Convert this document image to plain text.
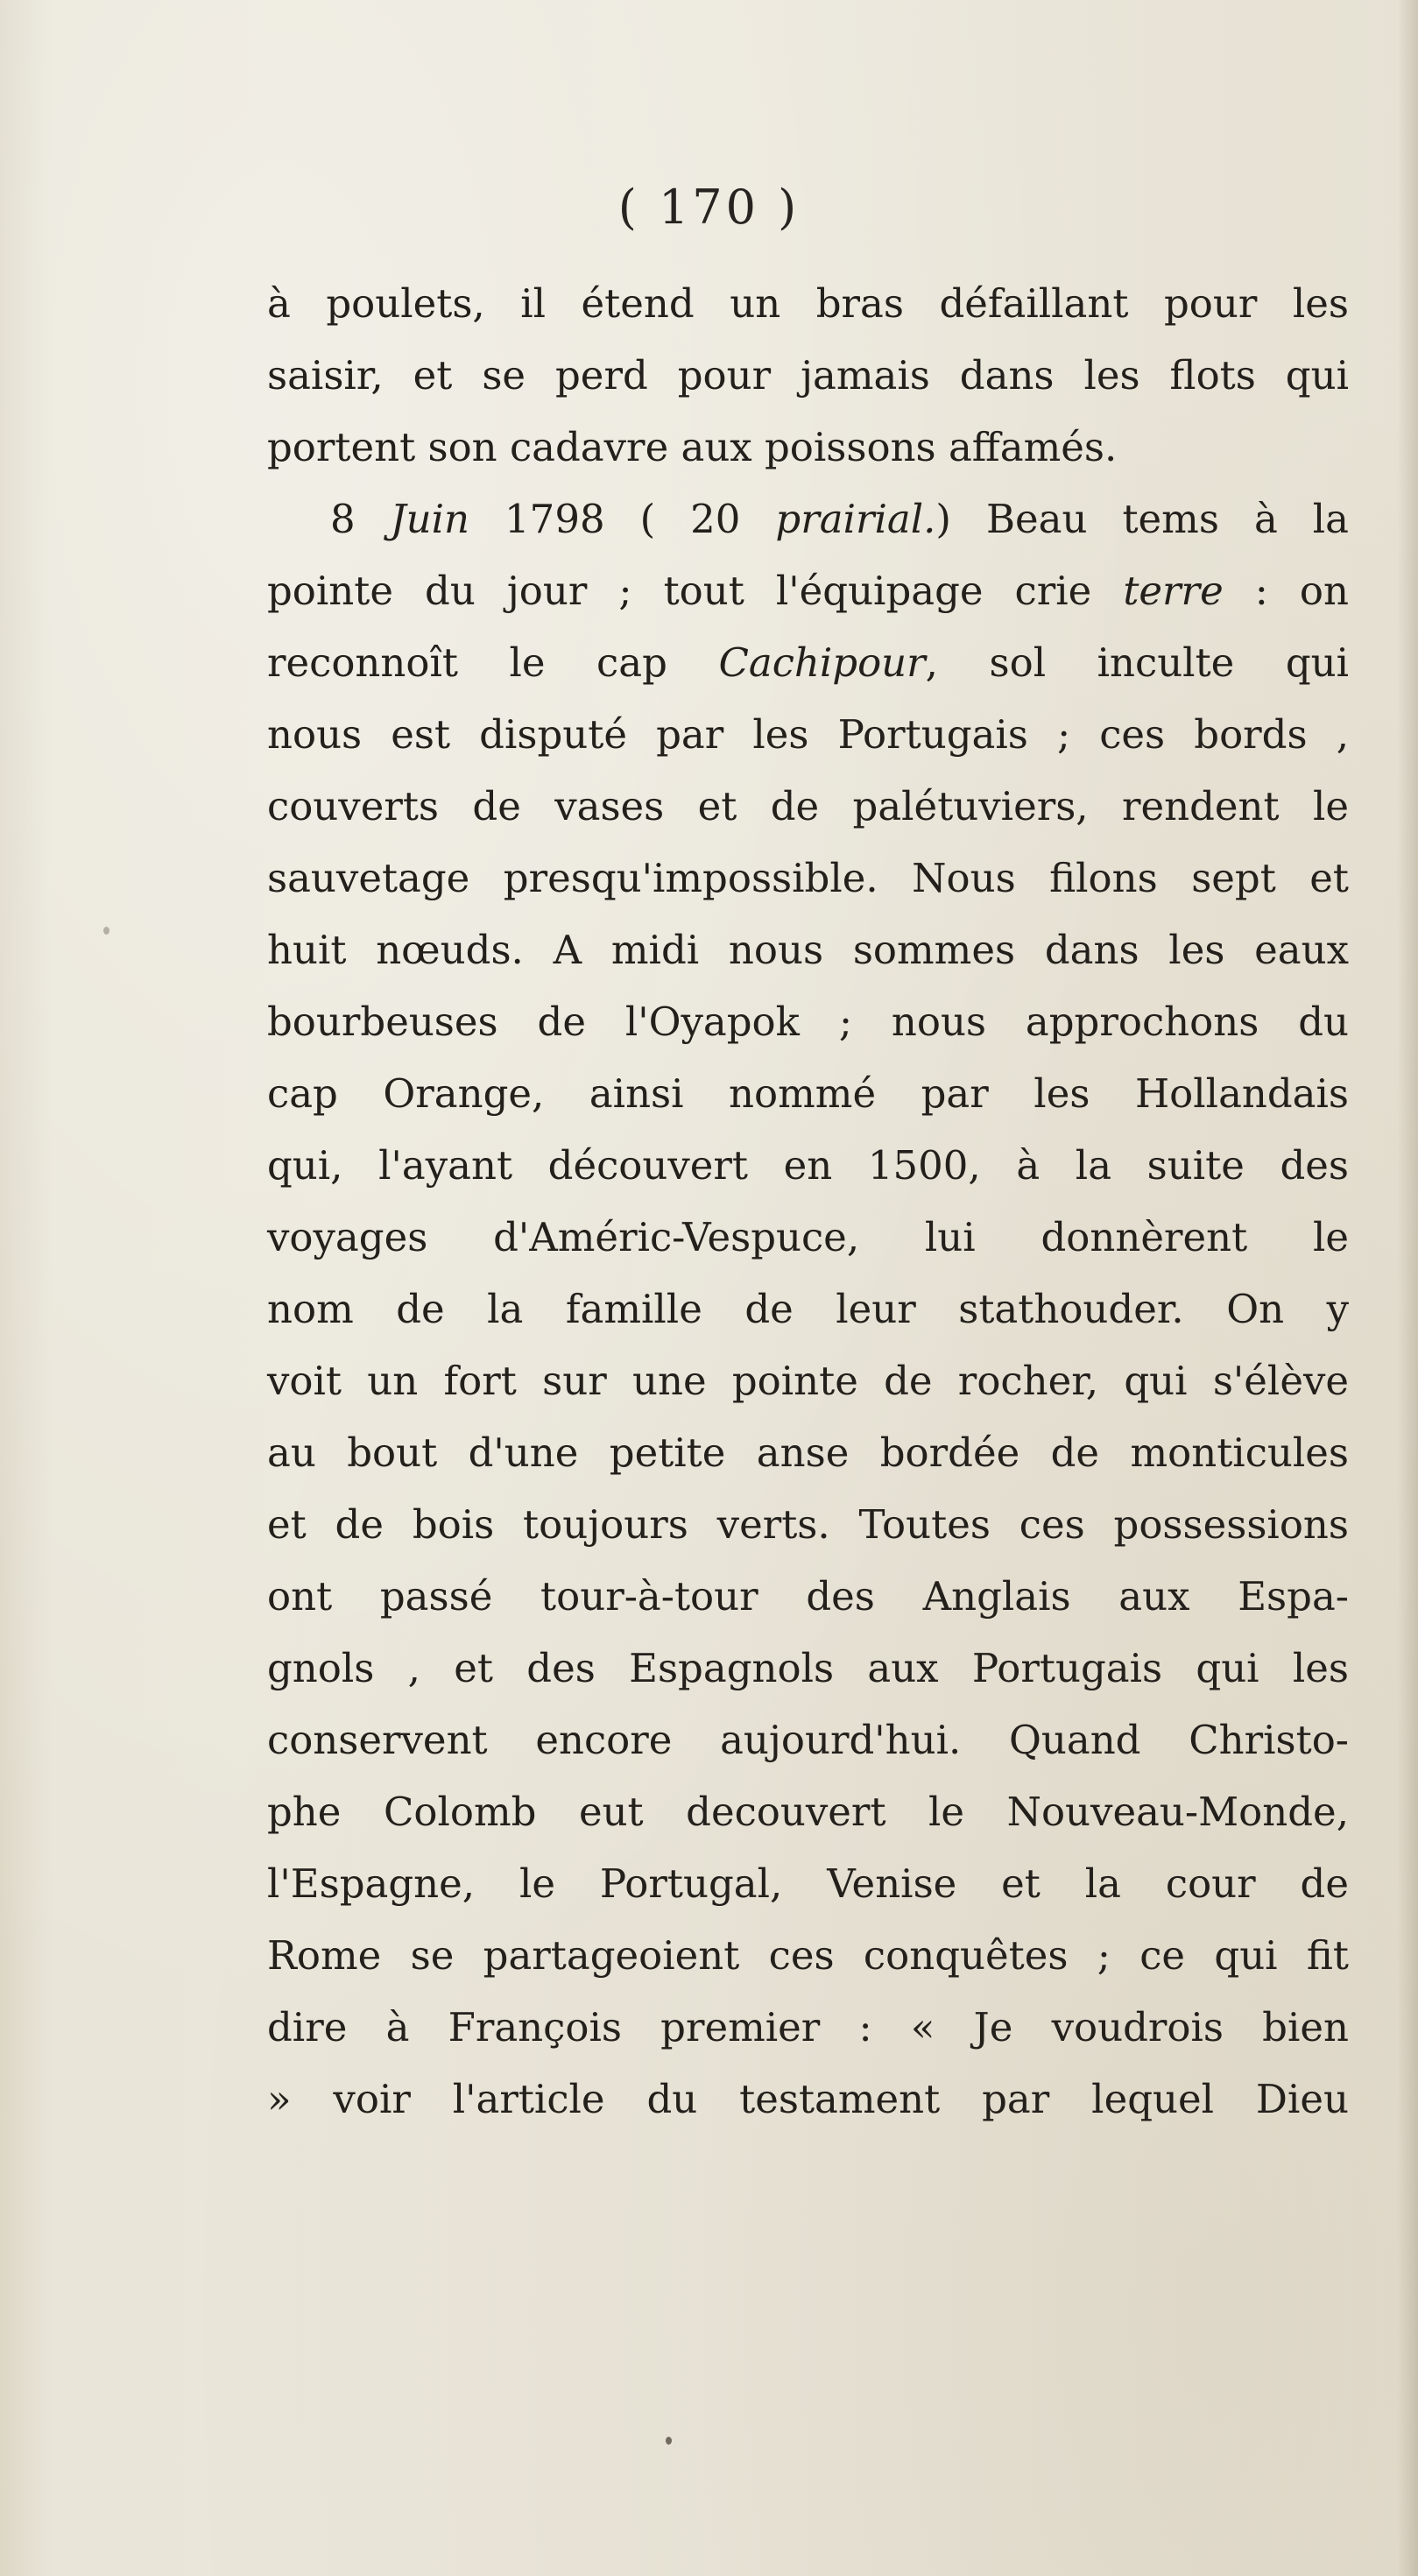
( 170 )
à poulets, il étend un bras défaillant pour les
saisir, et se perd pour jamais dans les flots qui
portent son cadavre aux poissons affamés.
8 Juin 1798 ( 20 prairial.) Beau tems à la
pointe du jour ; tout l'équipage crie terre : on
reconnoît le cap Cachipour, sol inculte qui
nous est disputé par les Portugais ; ces bords ,
couverts de vases et de palétuviers, rendent le
sauvetage presqu'impossible. Nous filons sept et
huit nœuds. A midi nous sommes dans les eaux
bourbeuses de l'Oyapok ; nous approchons du
cap Orange, ainsi nommé par les Hollandais
qui, l'ayant découvert en 1500, à la suite des
voyages d'Améric-Vespuce, lui donnèrent le
nom de la famille de leur stathouder. On y
voit un fort sur une pointe de rocher, qui s'élève
au bout d'une petite anse bordée de monticules
et de bois toujours verts. Toutes ces possessions
ont passé tour-à-tour des Anglais aux Espa-
gnols , et des Espagnols aux Portugais qui les
conservent encore aujourd'hui. Quand Christo-
phe Colomb eut decouvert le Nouveau-Monde,
l'Espagne, le Portugal, Venise et la cour de
Rome se partageoient ces conquêtes ; ce qui fit
dire à François premier : « Je voudrois bien
» voir l'article du testament par lequel Dieu
